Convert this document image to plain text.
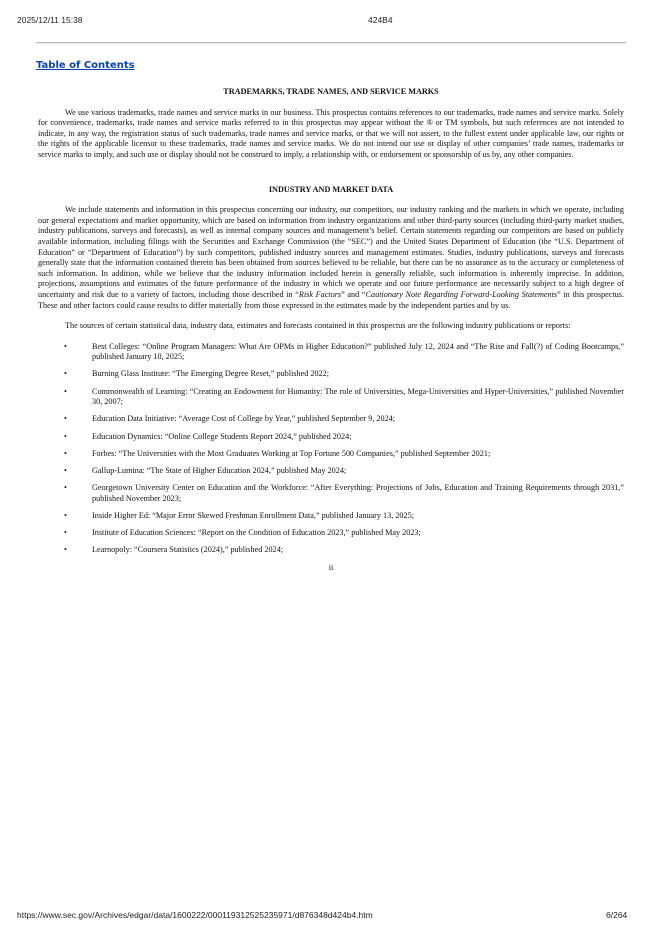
2025/12/11 15:38	424B4
Table of Contents
TRADEMARKS, TRADE NAMES, AND SERVICE MARKS

We use various trademarks, trade names and service marks in our business. This prospectus contains references to our trademarks, trade names and service marks. Solely for convenience, trademarks, trade names and service marks referred to in this prospectus may appear without the ® or TM symbols, but such references are not intended to indicate, in any way, the registration status of such trademarks, trade names and service marks, or that we will not assert, to the fullest extent under applicable law, our rights or the rights of the applicable licensor to these trademarks, trade names and service marks. We do not intend our use or display of other companies’ trade names, trademarks or service marks to imply, and such use or display should not be construed to imply, a relationship with, or endorsement or sponsorship of us by, any other companies.

INDUSTRY AND MARKET DATA

We include statements and information in this prospectus concerning our industry, our competitors, our industry ranking and the markets in which we operate, including our general expectations and market opportunity, which are based on information from industry organizations and other third-party sources (including third-party market studies, industry publications, surveys and forecasts), as well as internal company sources and management’s belief. Certain statements regarding our competitors are based on publicly available information, including filings with the Securities and Exchange Commission (the “SEC”) and the United States Department of Education (the “U.S. Department of Education” or “Department of Education”) by such competitors, published industry sources and management estimates. Studies, industry publications, surveys and forecasts generally state that the information contained therein has been obtained from sources believed to be reliable, but there can be no assurance as to the accuracy or completeness of such information. In addition, while we believe that the industry information included herein is generally reliable, such information is inherently imprecise. In addition, projections, assumptions and estimates of the future performance of the industry in which we operate and our future performance are necessarily subject to a high degree of uncertainty and risk due to a variety of factors, including those described in “Risk Factors” and “Cautionary Note Regarding Forward-Looking Statements” in this prospectus. These and other factors could cause results to differ materially from those expressed in the estimates made by the independent parties and by us.

The sources of certain statistical data, industry data, estimates and forecasts contained in this prospectus are the following industry publications or reports:

•	Best Colleges: “Online Program Managers: What Are OPMs in Higher Education?” published July 12, 2024 and “The Rise and Fall(?) of Coding Bootcamps,” published January 10, 2025;
•	Burning Glass Institute: “The Emerging Degree Reset,” published 2022;
•	Commonwealth of Learning: “Creating an Endowment for Humanity: The role of Universities, Mega-Universities and Hyper-Universities,” published November 30, 2007;
•	Education Data Initiative: “Average Cost of College by Year,” published September 9, 2024;
•	Education Dynamics: “Online College Students Report 2024,” published 2024;
•	Forbes: “The Universities with the Most Graduates Working at Top Fortune 500 Companies,” published September 2021;
•	Gallup-Lumina: “The State of Higher Education 2024,” published May 2024;
•	Georgetown University Center on Education and the Workforce: “After Everything: Projections of Jobs, Education and Training Requirements through 2031,” published November 2023;
•	Inside Higher Ed: “Major Error Skewed Freshman Enrollment Data,” published January 13, 2025;
•	Institute of Education Sciences: “Report on the Condition of Education 2023,” published May 2023;
•	Learnopoly: “Coursera Statistics (2024),” published 2024;
ii
https://www.sec.gov/Archives/edgar/data/1600222/000119312525235971/d876348d424b4.htm	6/264
